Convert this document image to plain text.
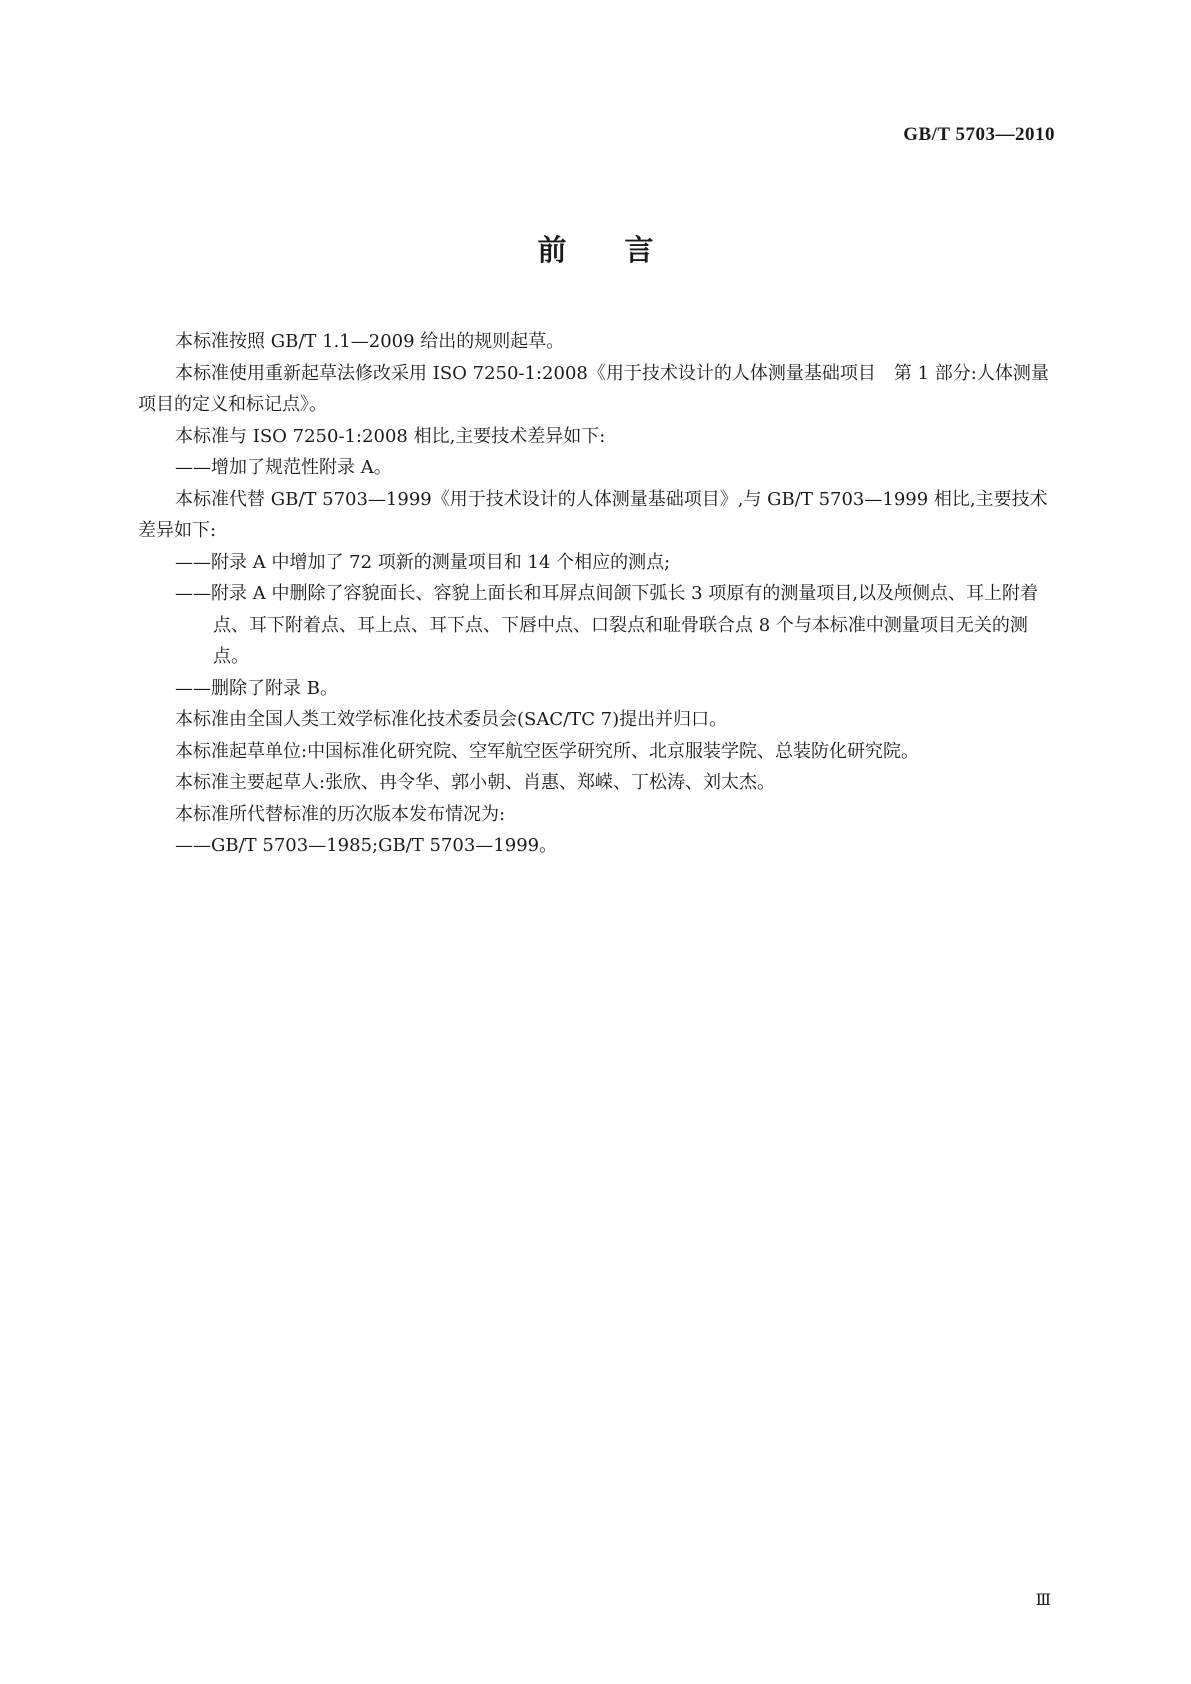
GB/T 5703—2010
前言

本标准按照 GB/T 1.1—2009 给出的规则起草。

本标准使用重新起草法修改采用 ISO 7250-1:2008《用于技术设计的人体测量基础项目　第 1 部分:人体测量项目的定义和标记点》。

本标准与 ISO 7250-1:2008 相比,主要技术差异如下:

——增加了规范性附录 A。

本标准代替 GB/T 5703—1999《用于技术设计的人体测量基础项目》,与 GB/T 5703—1999 相比,主要技术差异如下:

——附录 A 中增加了 72 项新的测量项目和 14 个相应的测点;

——附录 A 中删除了容貌面长、容貌上面长和耳屏点间颌下弧长 3 项原有的测量项目,以及颅侧点、耳上附着点、耳下附着点、耳上点、耳下点、下唇中点、口裂点和耻骨联合点 8 个与本标准中测量项目无关的测点。

——删除了附录 B。

本标准由全国人类工效学标准化技术委员会(SAC/TC 7)提出并归口。

本标准起草单位:中国标准化研究院、空军航空医学研究所、北京服装学院、总装防化研究院。

本标准主要起草人:张欣、冉令华、郭小朝、肖惠、郑嵘、丁松涛、刘太杰。

本标准所代替标准的历次版本发布情况为:

——GB/T 5703—1985;GB/T 5703—1999。

Ⅲ
